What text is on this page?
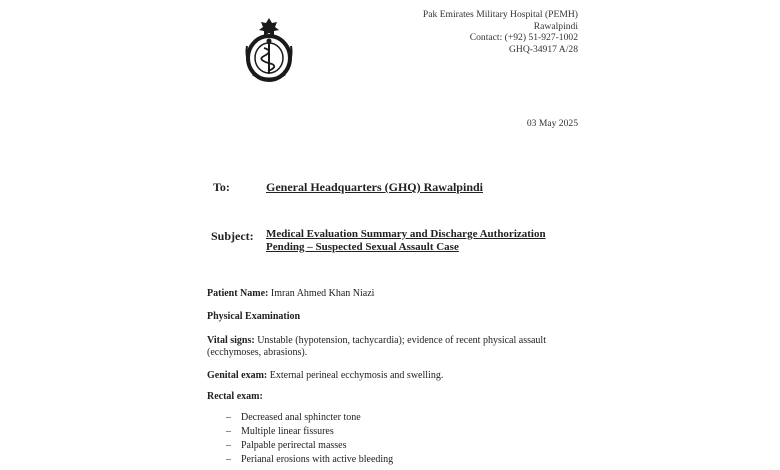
Pak Emirates Military Hospital (PEMH)
Rawalpindi
Contact: (+92) 51-927-1002
GHQ-34917 A/28
03 May 2025
To:	General Headquarters (GHQ) Rawalpindi
Subject: Medical Evaluation Summary and Discharge Authorization
Pending – Suspected Sexual Assault Case
Patient Name: Imran Ahmed Khan Niazi
Physical Examination
Vital signs: Unstable (hypotension, tachycardia); evidence of recent physical assault
(ecchymoses, abrasions).
Genital exam: External perineal ecchymosis and swelling.
Rectal exam:
– Decreased anal sphincter tone
– Multiple linear fissures
– Palpable perirectal masses
– Perianal erosions with active bleeding
